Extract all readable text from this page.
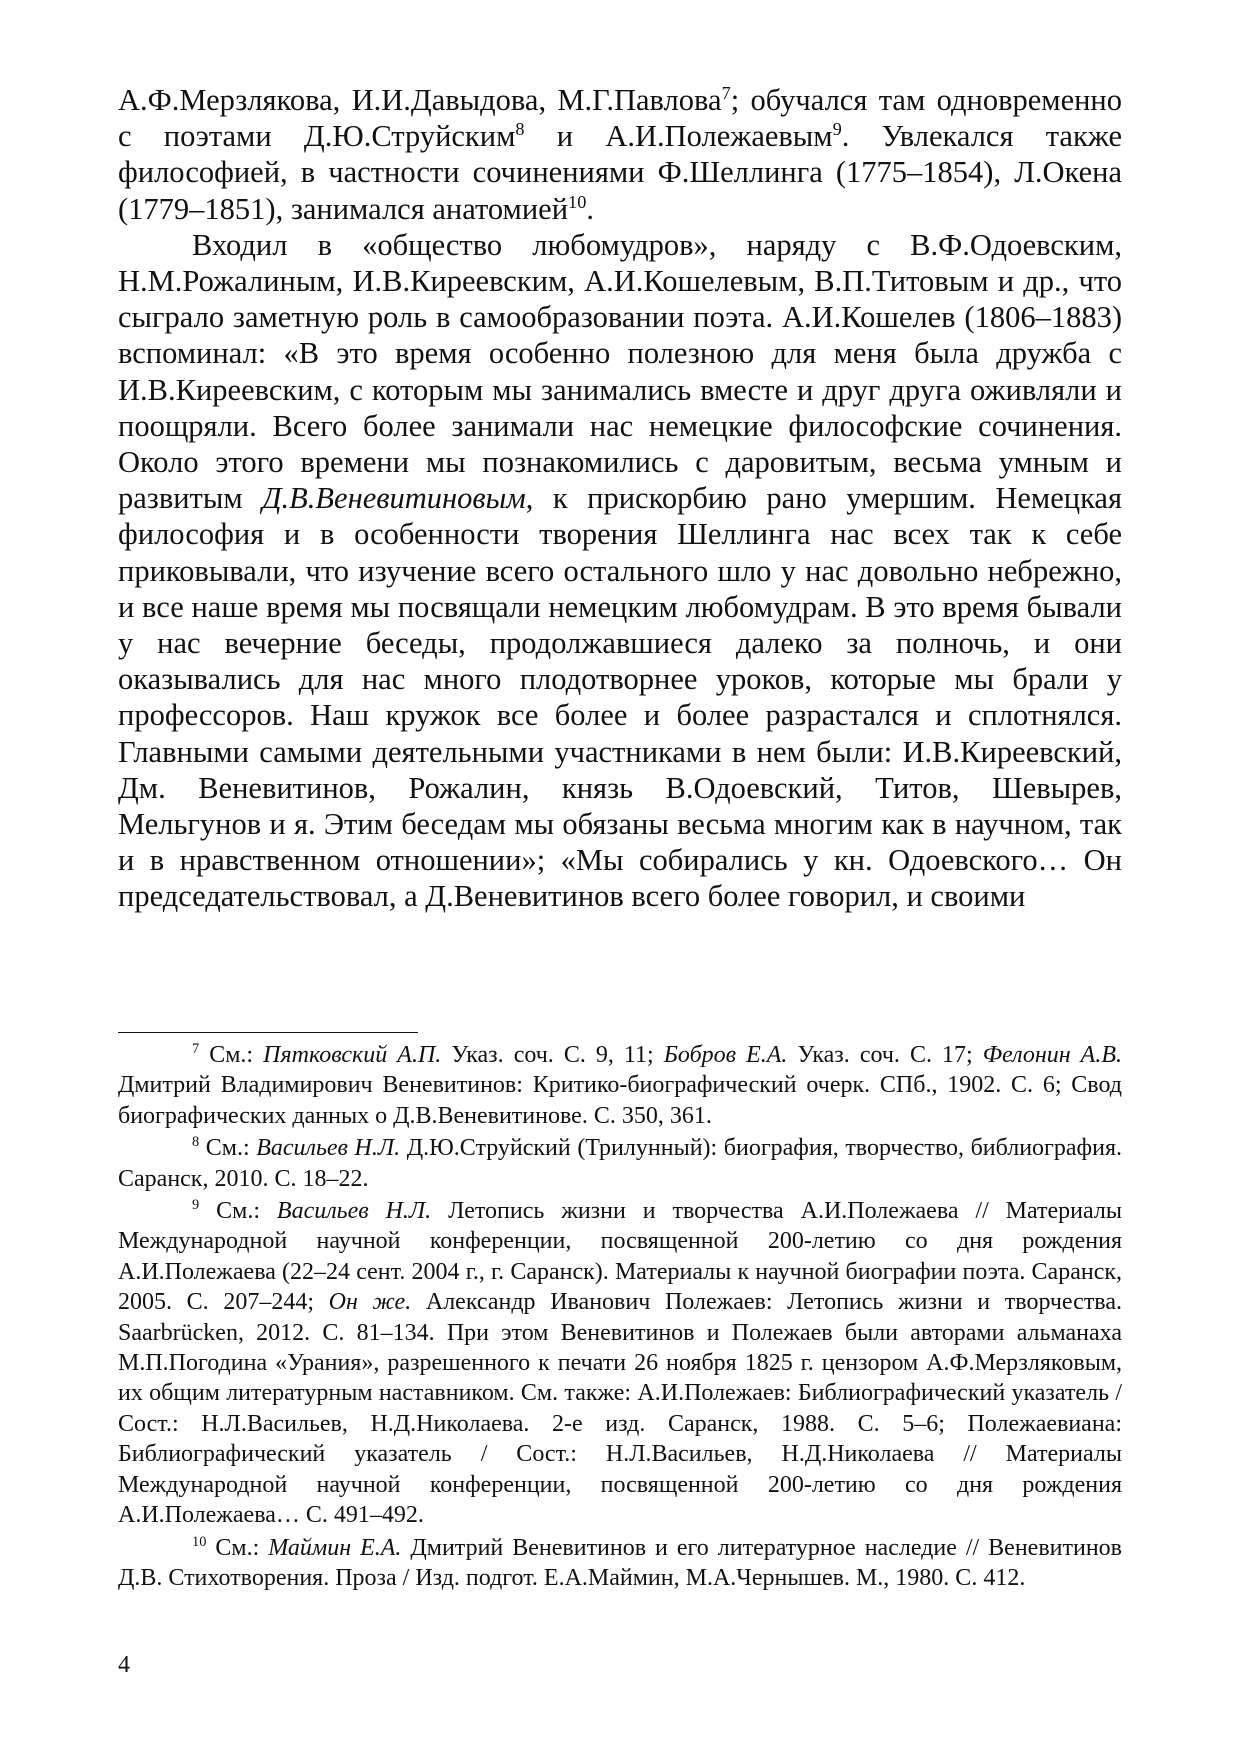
А.Ф.Мерзлякова, И.И.Давыдова, М.Г.Павлова$^7$; обучался там одновременно с поэтами Д.Ю.Струйским$^8$ и А.И.Полежаевым$^9$. Увлекался также философией, в частности сочинениями Ф.Шеллинга (1775–1854), Л.Окена (1779–1851), занимался анатомией$^{10}$.

Входил в «общество любомудров», наряду с В.Ф.Одоевским, Н.М.Рожалиным, И.В.Киреевским, А.И.Кошелевым, В.П.Титовым и др., что сыграло заметную роль в самообразовании поэта. А.И.Кошелев (1806–1883) вспоминал: «В это время особенно полезною для меня была дружба с И.В.Киреевским, с которым мы занимались вместе и друг друга оживляли и поощряли. Всего более занимали нас немецкие философские сочинения. Около этого времени мы познакомились с даровитым, весьма умным и развитым Д.В.Веневитиновым, к прискорбию рано умершим. Немецкая философия и в особенности творения Шеллинга нас всех так к себе приковывали, что изучение всего остального шло у нас довольно небрежно, и все наше время мы посвящали немецким любомудрам. В это время бывали у нас вечерние беседы, продолжавшиеся далеко за полночь, и они оказывались для нас много плодотворнее уроков, которые мы брали у профессоров. Наш кружок все более и более разрастался и сплотнялся. Главными самыми деятельными участниками в нем были: И.В.Киреевский, Дм. Веневитинов, Рожалин, князь В.Одоевский, Титов, Шевырев, Мельгунов и я. Этим беседам мы обязаны весьма многим как в научном, так и в нравственном отношении»; «Мы собирались у кн. Одоевского… Он председательствовал, а Д.Веневитинов всего более говорил, и своими

$^7$ См.: Пятковский А.П. Указ. соч. С. 9, 11; Бобров Е.А. Указ. соч. С. 17; Фелонин А.В. Дмитрий Владимирович Веневитинов: Критико-биографический очерк. СПб., 1902. С. 6; Свод биографических данных о Д.В.Веневитинове. С. 350, 361.

$^8$ См.: Васильев Н.Л. Д.Ю.Струйский (Трилунный): биография, творчество, библиография. Саранск, 2010. С. 18–22.

$^9$ См.: Васильев Н.Л. Летопись жизни и творчества А.И.Полежаева // Материалы Международной научной конференции, посвященной 200-летию со дня рождения А.И.Полежаева (22–24 сент. 2004 г., г. Саранск). Материалы к научной биографии поэта. Саранск, 2005. С. 207–244; Он же. Александр Иванович Полежаев: Летопись жизни и творчества. Saarbrücken, 2012. С. 81–134. При этом Веневитинов и Полежаев были авторами альманаха М.П.Погодина «Урания», разрешенного к печати 26 ноября 1825 г. цензором А.Ф.Мерзляковым, их общим литературным наставником. См. также: А.И.Полежаев: Библиографический указатель / Сост.: Н.Л.Васильев, Н.Д.Николаева. 2-е изд. Саранск, 1988. С. 5–6; Полежаевиана: Библиографический указатель / Сост.: Н.Л.Васильев, Н.Д.Николаева // Материалы Международной научной конференции, посвященной 200-летию со дня рождения А.И.Полежаева… С. 491–492.

$^{10}$ См.: Маймин Е.А. Дмитрий Веневитинов и его литературное наследие // Веневитинов Д.В. Стихотворения. Проза / Изд. подгот. Е.А.Маймин, М.А.Чернышев. М., 1980. С. 412.

4
